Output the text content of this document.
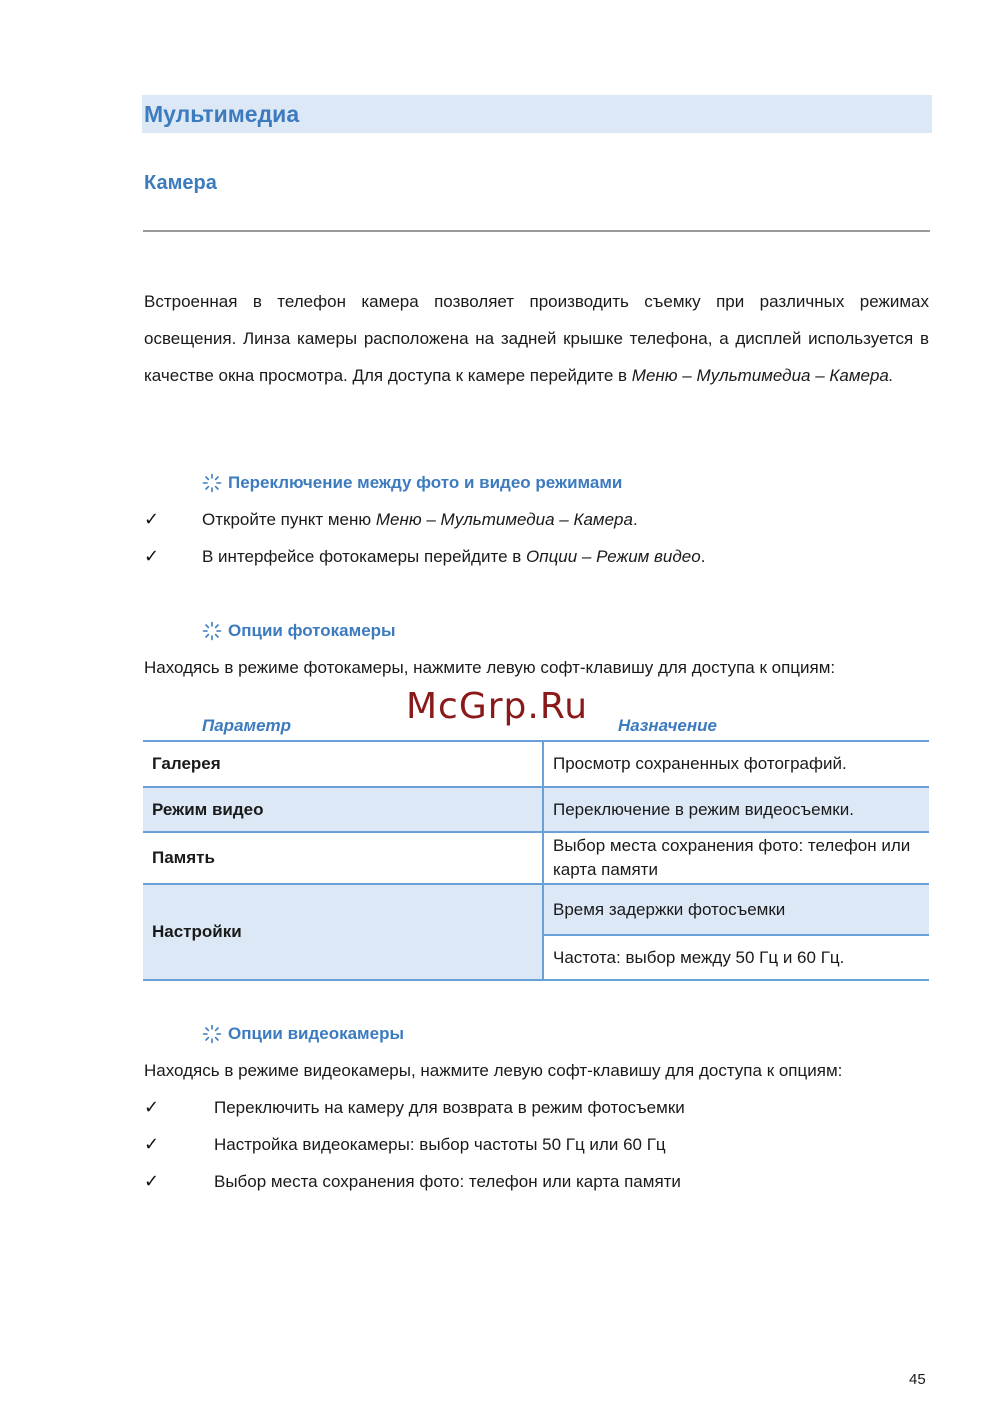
Мультимедиа
Камера

Встроенная в телефон камера позволяет производить съемку при различных режимах освещения. Линза камеры расположена на задней крышке телефона, а дисплей используется в качестве окна просмотра. Для доступа к камере перейдите в Меню – Мультимедиа – Камера.

Переключение между фото и видео режимами
✓	Откройте пункт меню Меню – Мультимедиа – Камера.
✓	В интерфейсе фотокамеры перейдите в Опции – Режим видео.
Опции фотокамеры
Находясь в режиме фотокамеры, нажмите левую софт-клавишу для доступа к опциям:
McGrp.Ru
Параметр	Назначение
Галерея	Просмотр сохраненных фотографий.
Режим видео	Переключение в режим видеосъемки.
Память	Выбор места сохранения фото: телефон или карта памяти
Настройки	Время задержки фотосъемки
	Частота: выбор между 50 Гц и 60 Гц.
Опции видеокамеры
Находясь в режиме видеокамеры, нажмите левую софт-клавишу для доступа к опциям:
✓	Переключить на камеру для возврата в режим фотосъемки
✓	Настройка видеокамеры: выбор частоты 50 Гц или 60 Гц
✓	Выбор места сохранения фото: телефон или карта памяти
45
